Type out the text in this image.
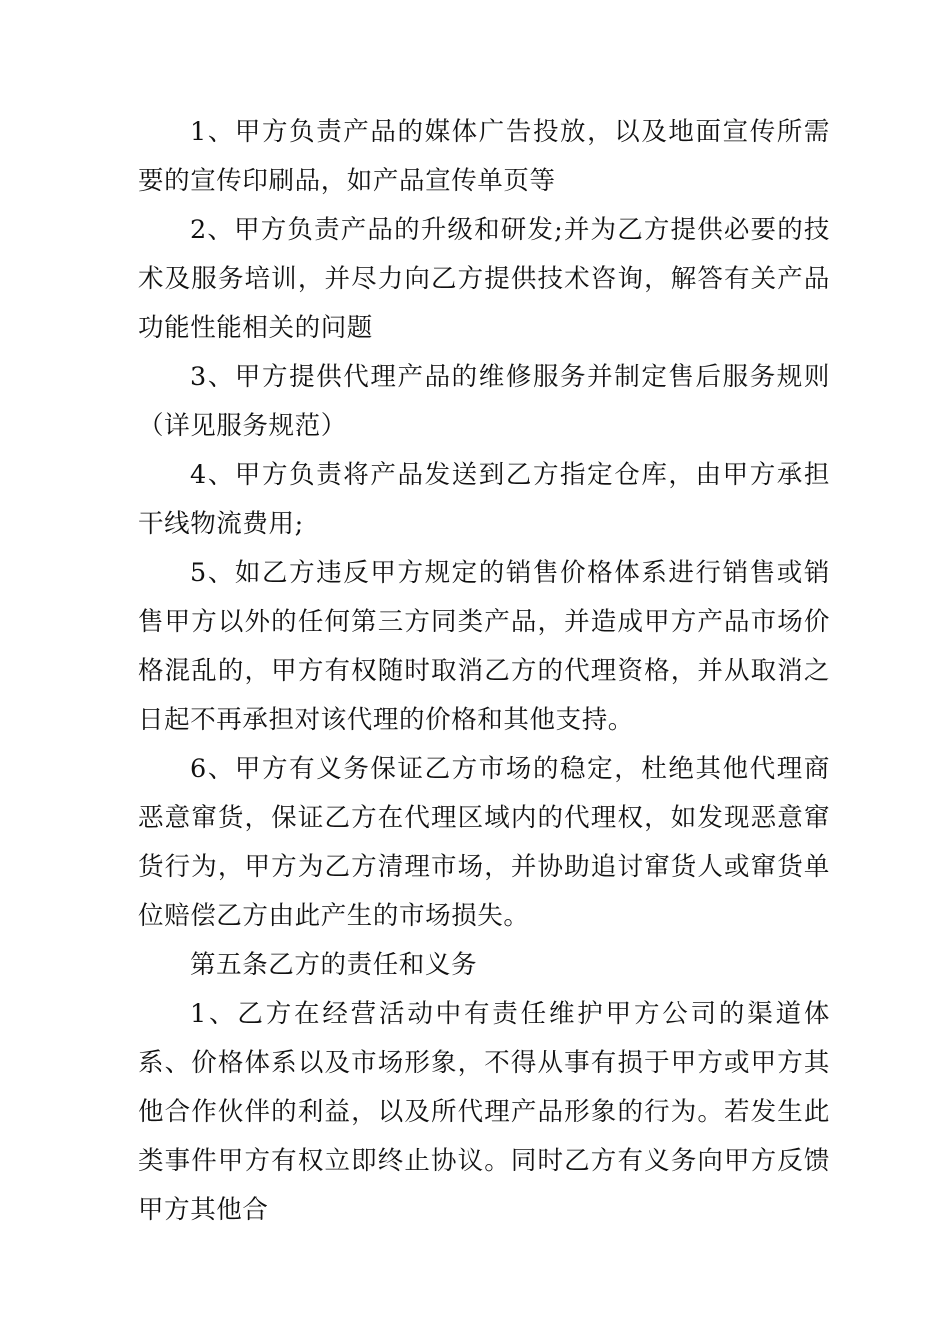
1、甲方负责产品的媒体广告投放，以及地面宣传所需要的宣传印刷品，如产品宣传单页等

2、甲方负责产品的升级和研发;并为乙方提供必要的技术及服务培训，并尽力向乙方提供技术咨询，解答有关产品功能性能相关的问题

3、甲方提供代理产品的维修服务并制定售后服务规则（详见服务规范）

4、甲方负责将产品发送到乙方指定仓库，由甲方承担干线物流费用;

5、如乙方违反甲方规定的销售价格体系进行销售或销售甲方以外的任何第三方同类产品，并造成甲方产品市场价格混乱的，甲方有权随时取消乙方的代理资格，并从取消之日起不再承担对该代理的价格和其他支持。

6、甲方有义务保证乙方市场的稳定，杜绝其他代理商恶意窜货，保证乙方在代理区域内的代理权，如发现恶意窜货行为，甲方为乙方清理市场，并协助追讨窜货人或窜货单位赔偿乙方由此产生的市场损失。

第五条乙方的责任和义务

1、乙方在经营活动中有责任维护甲方公司的渠道体系、价格体系以及市场形象，不得从事有损于甲方或甲方其他合作伙伴的利益，以及所代理产品形象的行为。若发生此类事件甲方有权立即终止协议。同时乙方有义务向甲方反馈甲方其他合
